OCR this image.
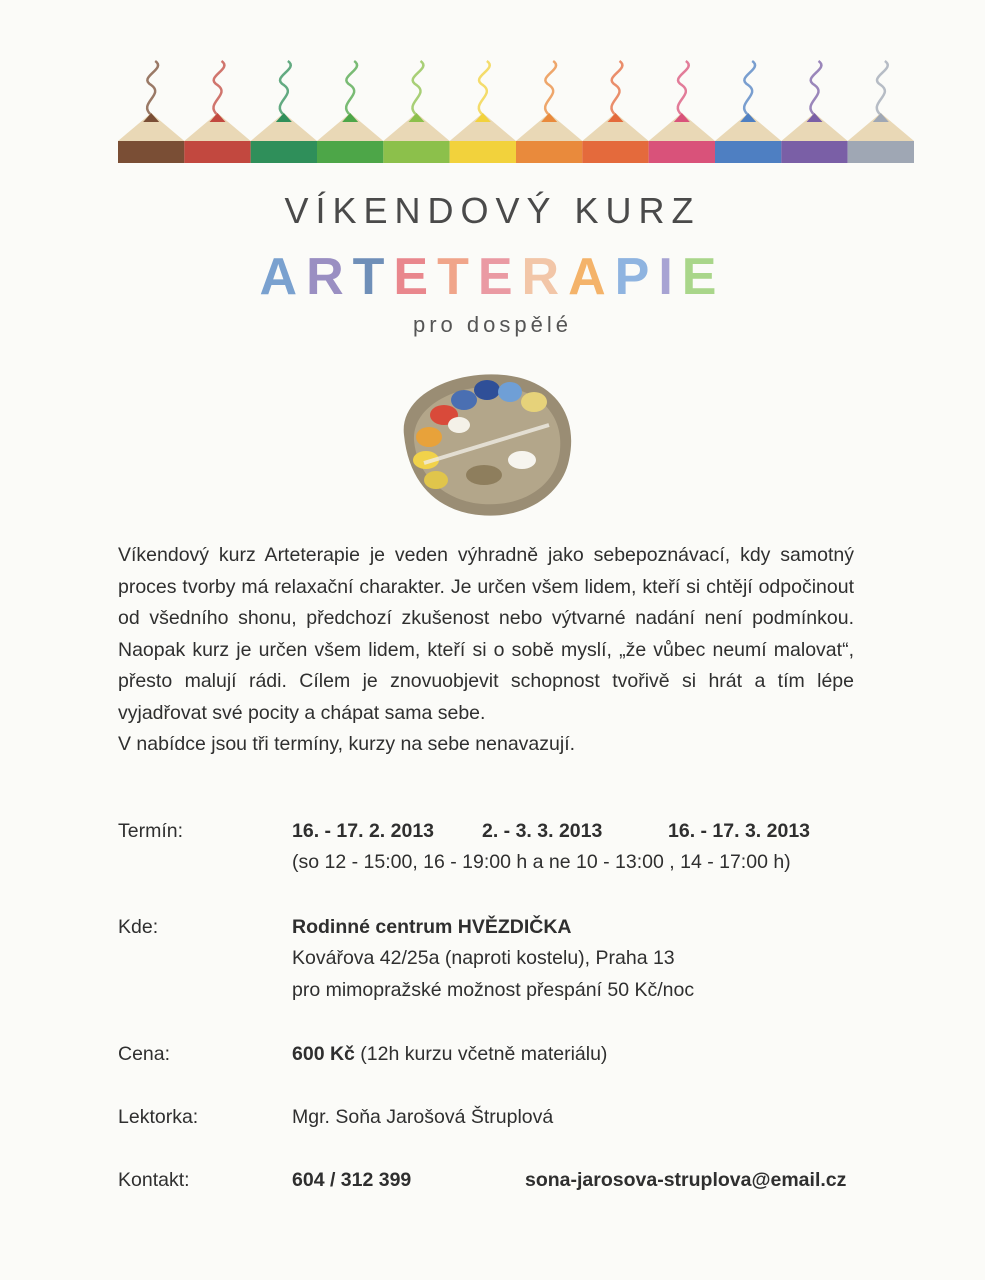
VÍKENDOVÝ KURZ
ARTETERAPIE
pro dospělé

Víkendový kurz Arteterapie je veden výhradně jako sebepoznávací, kdy samotný proces tvorby má relaxační charakter. Je určen všem lidem, kteří si chtějí odpočinout od všedního shonu, předchozí zkušenost nebo výtvarné nadání není podmínkou. Naopak kurz je určen všem lidem, kteří si o sobě myslí, „že vůbec neumí malovat“, přesto malují rádi. Cílem je znovuobjevit schopnost tvořivě si hrát a tím lépe vyjadřovat své pocity a chápat sama sebe.

V nabídce jsou tři termíny, kurzy na sebe nenavazují.

Termín:	16. - 17. 2. 2013 2. - 3. 3. 2013	16. - 17. 3. 2013
(so 12 - 15:00, 16 - 19:00 h a ne 10 - 13:00 , 14 - 17:00 h)
Kde:	Rodinné centrum HVĚZDIČKA
Kovářova 42/25a (naproti kostelu), Praha 13
pro mimopražské možnost přespání 50 Kč/noc
Cena:	600 Kč (12h kurzu včetně materiálu)
Lektorka:	Mgr. Soňa Jarošová Štruplová
Kontakt:	604 / 312 399	sona-jarosova-struplova@email.cz
